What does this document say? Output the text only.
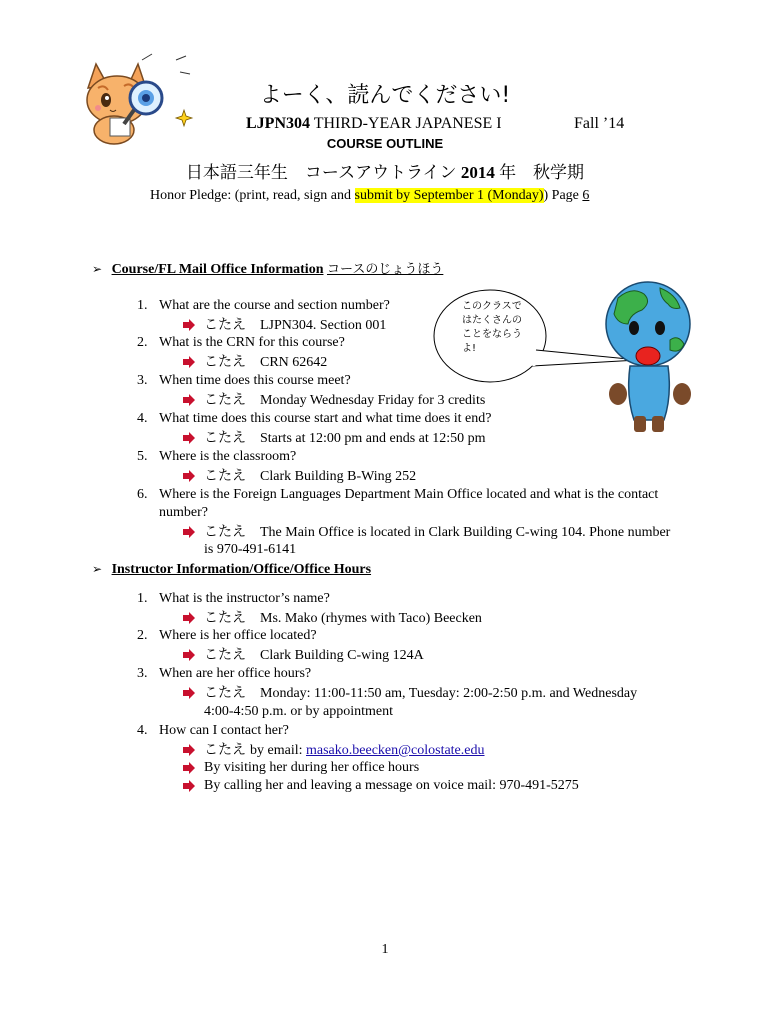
よーく、読んでください!
LJPN304 THIRD-YEAR JAPANESE I	Fall ’14
COURSE OUTLINE
日本語三年生　コースアウトライン 2014 年　秋学期
Honor Pledge: (print, read, sign and submit by September 1 (Monday)) Page 6
このクラスで
はたくさんの
ことをならう
よ!
➢ Course/FL Mail Office Information コースのじょうほう
1. What are the course and section number?
こたえ LJPN304. Section 001
2. What is the CRN for this course?
こたえ CRN 62642
3. When time does this course meet?
こたえ Monday Wednesday Friday for 3 credits
4. What time does this course start and what time does it end?
こたえ Starts at 12:00 pm and ends at 12:50 pm
5. Where is the classroom?
こたえ Clark Building B-Wing 252
6. Where is the Foreign Languages Department Main Office located and what is the contact
number?
こたえ The Main Office is located in Clark Building C-wing 104. Phone number
is 970-491-6141
➢ Instructor Information/Office/Office Hours
1. What is the instructor’s name?
こたえ Ms. Mako (rhymes with Taco) Beecken
2. Where is her office located?
こたえ Clark Building C-wing 124A
3. When are her office hours?
こたえ Monday: 11:00-11:50 am, Tuesday: 2:00-2:50 p.m. and Wednesday
4:00-4:50 p.m. or by appointment
4. How can I contact her?
こたえ by email: masako.beecken@colostate.edu
By visiting her during her office hours
By calling her and leaving a message on voice mail: 970-491-5275
1
